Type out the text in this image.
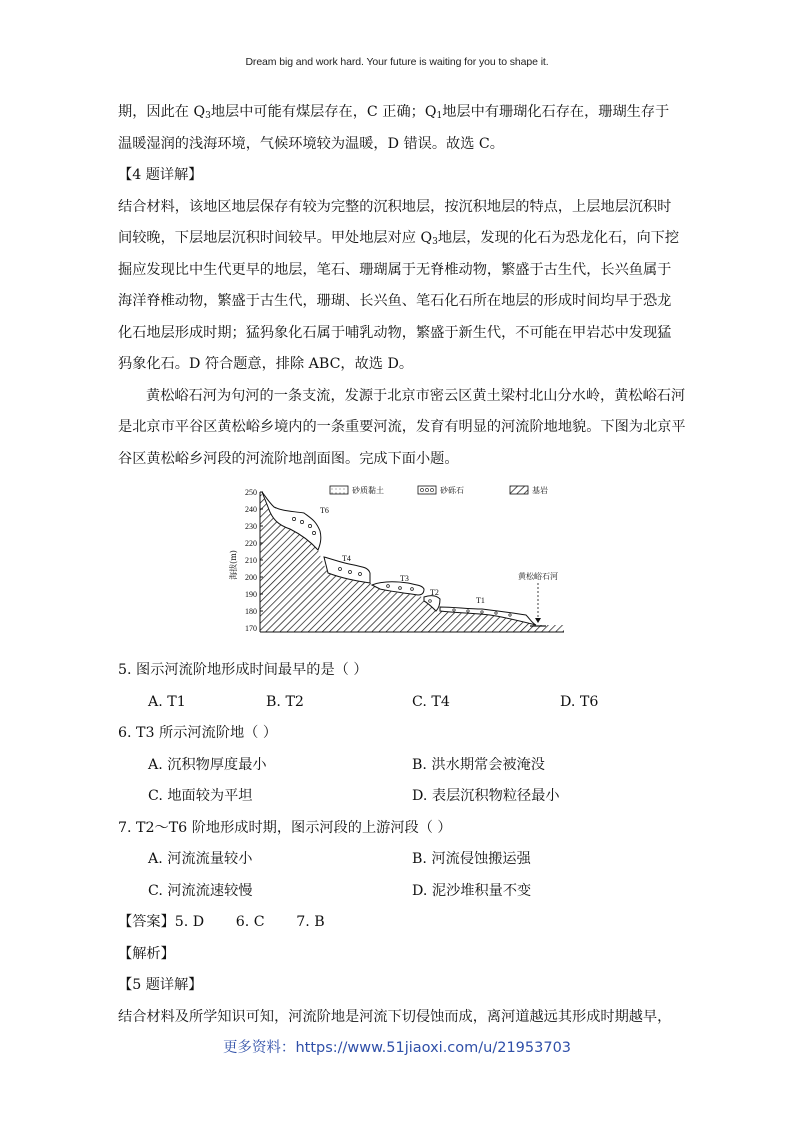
Dream big and work hard. Your future is waiting for you to shape it.
期，因此在 $Q_3$地层中可能有煤层存在，C 正确；$Q_1$地层中有珊瑚化石存在，珊瑚生存于
温暖湿润的浅海环境，气候环境较为温暖，D 错误。故选 C。
【4 题详解】
结合材料，该地区地层保存有较为完整的沉积地层，按沉积地层的特点，上层地层沉积时
间较晚，下层地层沉积时间较早。甲处地层对应 $Q_3$地层，发现的化石为恐龙化石，向下挖
掘应发现比中生代更早的地层，笔石、珊瑚属于无脊椎动物，繁盛于古生代，长兴鱼属于
海洋脊椎动物，繁盛于古生代，珊瑚、长兴鱼、笔石化石所在地层的形成时间均早于恐龙
化石地层形成时期；猛犸象化石属于哺乳动物，繁盛于新生代，不可能在甲岩芯中发现猛
犸象化石。D 符合题意，排除 ABC，故选 D。
黄松峪石河为句河的一条支流，发源于北京市密云区黄土梁村北山分水岭，黄松峪石河
是北京市平谷区黄松峪乡境内的一条重要河流，发育有明显的河流阶地地貌。下图为北京平
谷区黄松峪乡河段的河流阶地剖面图。完成下面小题。
250
240
230
220
210
200
190
180
170
海拔(m)	黄松峪石河
T6
T4
T3
T2
T1
砂质黏土	砂砾石	基岩
5. 图示河流阶地形成时间最早的是（ ）
A. T1	B. T2	C. T4	D. T6
6. T3 所示河流阶地（ ）
A. 沉积物厚度最小	B. 洪水期常会被淹没
C. 地面较为平坦	D. 表层沉积物粒径最小
7. T2～T6 阶地形成时期，图示河段的上游河段（ ）
A. 河流流量较小	B. 河流侵蚀搬运强
C. 河流流速较慢	D. 泥沙堆积量不变
【答案】5. D       6. C       7. B
【解析】
【5 题详解】
结合材料及所学知识可知，河流阶地是河流下切侵蚀而成，离河道越远其形成时期越早，
更多资料：https://www.51jiaoxi.com/u/21953703
